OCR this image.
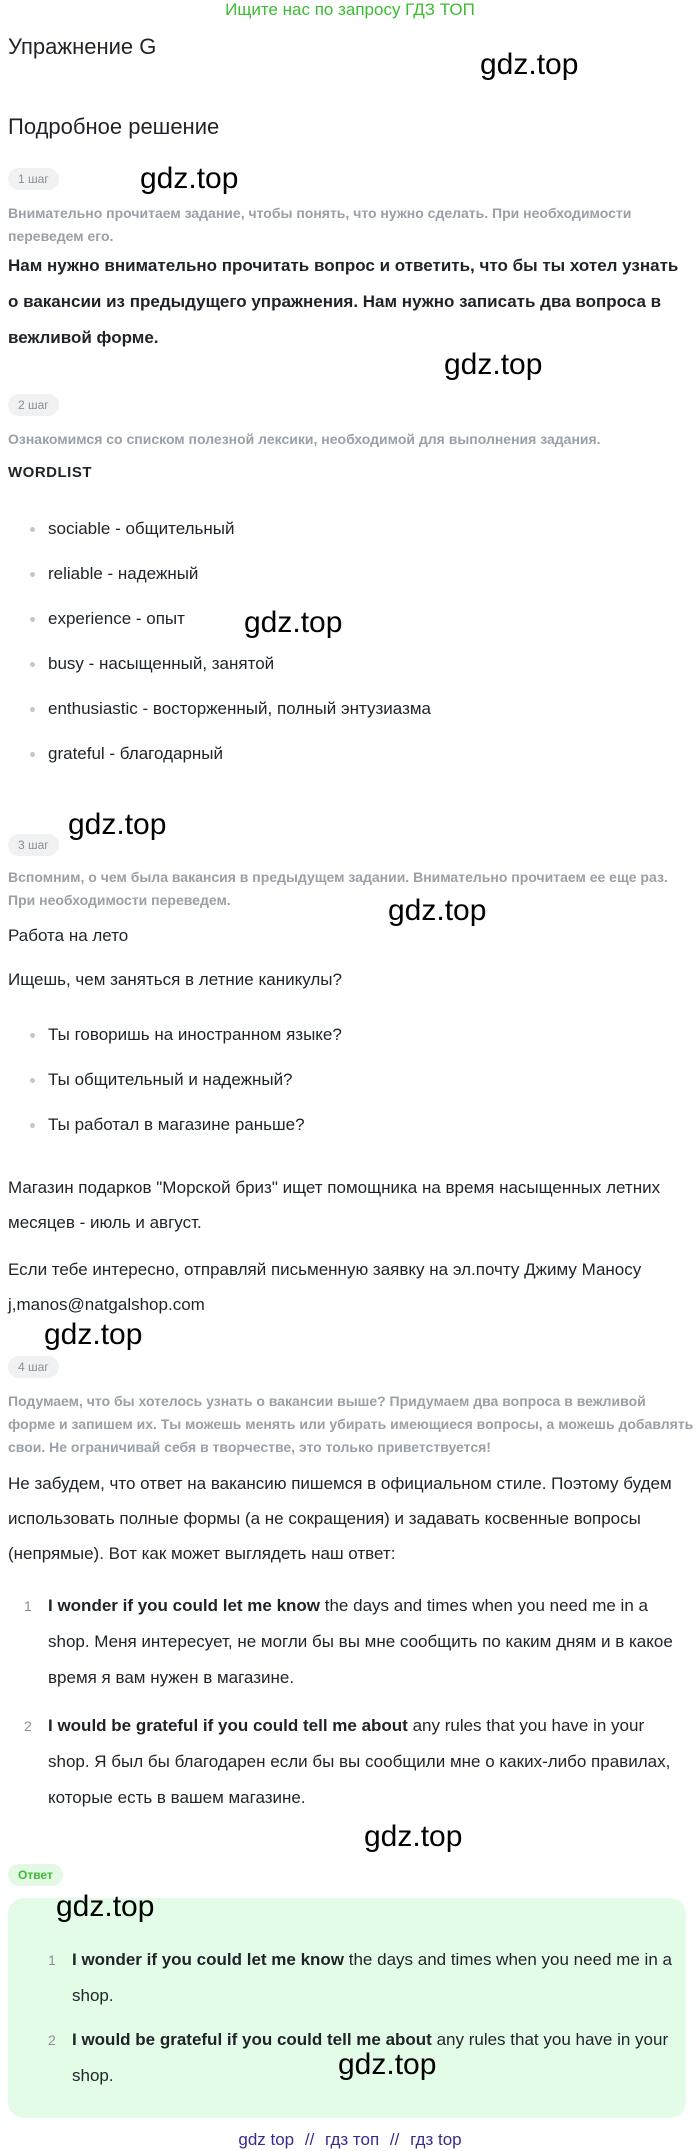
Ищите нас по запросу ГДЗ ТОП
Упражнение G
gdz.top
Подробное решение
1 шаг	gdz.top
Внимательно прочитаем задание, чтобы понять, что нужно сделать. При необходимости переведем его.
Нам нужно внимательно прочитать вопрос и ответить, что бы ты хотел узнать о вакансии из предыдущего упражнения. Нам нужно записать два вопроса в вежливой форме.
gdz.top
2 шаг
Ознакомимся со списком полезной лексики, необходимой для выполнения задания.
WORDLIST
sociable - общительный
reliable - надежный
experience - опыт
busy - насыщенный, занятой
enthusiastic - восторженный, полный энтузиазма
grateful - благодарный
gdz.top
gdz.top
3 шаг
Вспомним, о чем была вакансия в предыдущем задании. Внимательно прочитаем ее еще раз. При необходимости переведем.	gdz.top
Работа на лето
Ищешь, чем заняться в летние каникулы?
Ты говоришь на иностранном языке?
Ты общительный и надежный?
Ты работал в магазине раньше?
Магазин подарков "Морской бриз" ищет помощника на время насыщенных летних месяцев - июль и август.
Если тебе интересно, отправляй письменную заявку на эл.почту Джиму Маносу j,manos@natgalshop.com
gdz.top
4 шаг
Подумаем, что бы хотелось узнать о вакансии выше? Придумаем два вопроса в вежливой форме и запишем их. Ты можешь менять или убирать имеющиеся вопросы, а можешь добавлять свои. Не ограничивай себя в творчестве, это только приветствуется!
Не забудем, что ответ на вакансию пишемся в официальном стиле. Поэтому будем использовать полные формы (а не сокращения) и задавать косвенные вопросы (непрямые). Вот как может выглядеть наш ответ:
1 I wonder if you could let me know the days and times when you need me in a shop. Меня интересует, не могли бы вы мне сообщить по каким дням и в какое время я вам нужен в магазине.
2 I would be grateful if you could tell me about any rules that you have in your shop. Я был бы благодарен если бы вы сообщили мне о каких-либо правилах, которые есть в вашем магазине.
gdz.top
Ответ
gdz.top
1 I wonder if you could let me know the days and times when you need me in a shop.
2 I would be grateful if you could tell me about any rules that you have in your shop.	gdz.top
gdz top // гдз топ // гдз top
